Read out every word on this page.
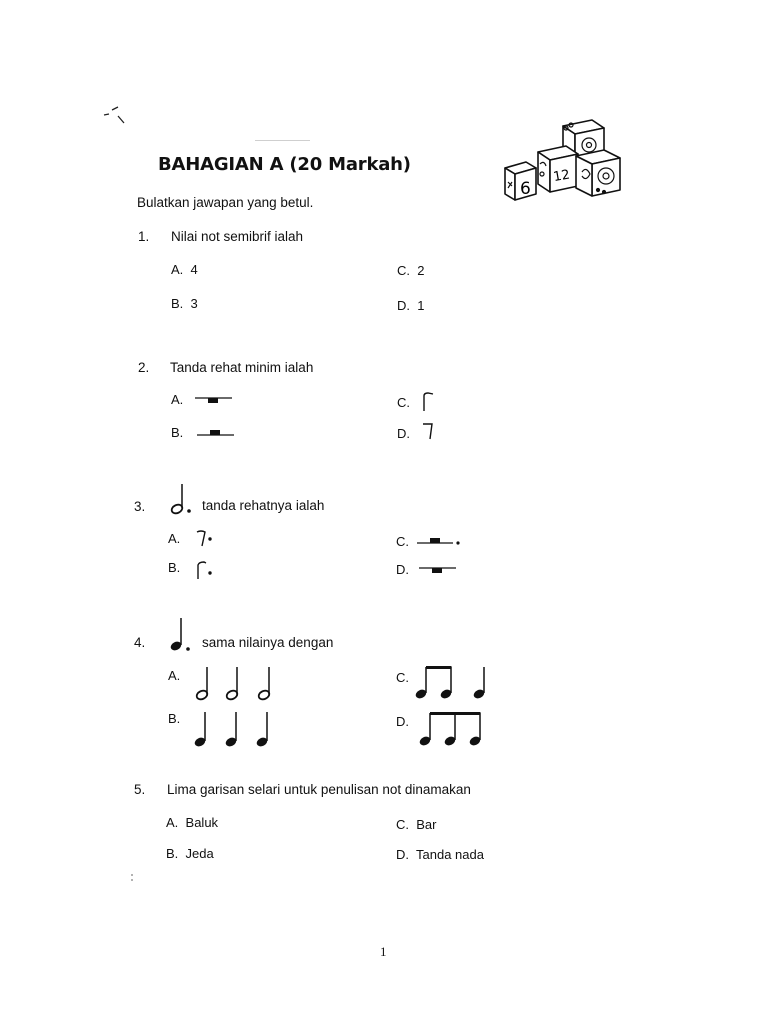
BAHAGIAN A (20 Markah)
Bulatkan jawapan yang betul.
6
12
1. Nilai not semibrif ialah
A. 4
B. 3
C. 2
D. 1
2. Tanda rehat minim ialah
A.
B.
C.
D.
3.	tanda rehatnya ialah
A.
B.
C.
D.
4.	sama nilainya dengan
A.
B.
C.
D.
5. Lima garisan selari untuk penulisan not dinamakan
A. Baluk
B. Jeda
C. Bar
D. Tanda nada
1
